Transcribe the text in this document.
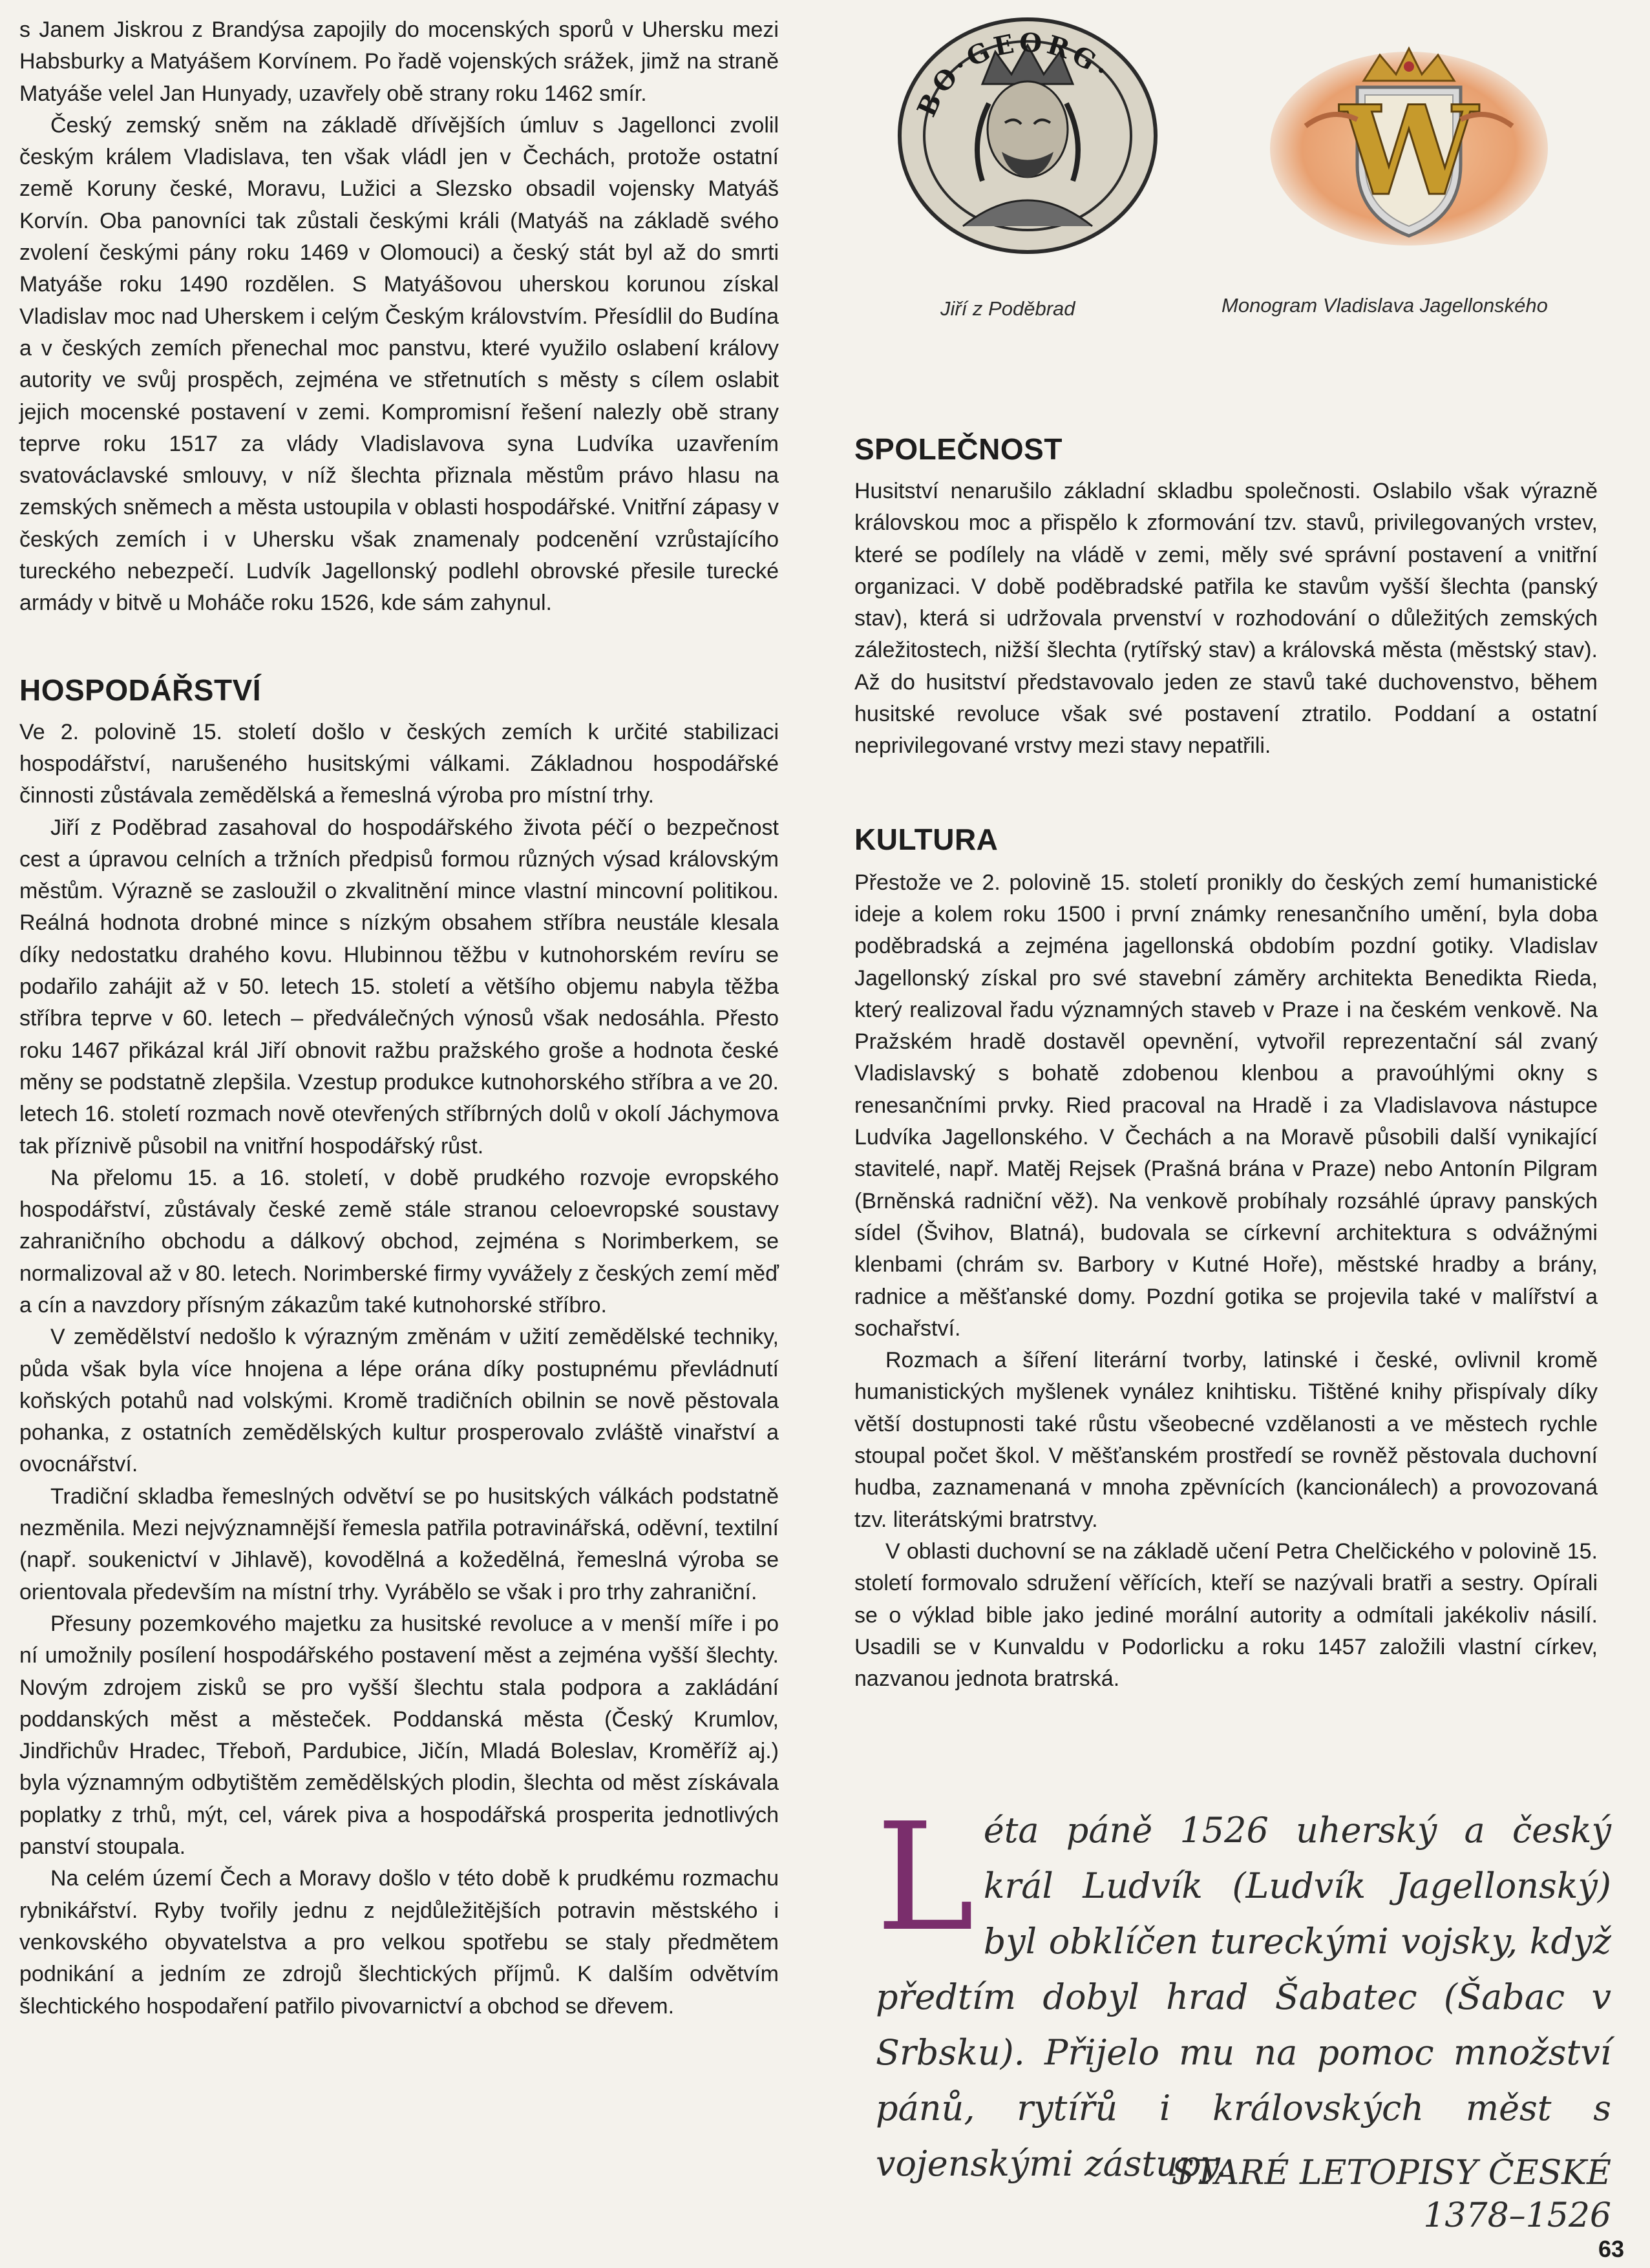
s Janem Jiskrou z Brandýsa zapojily do mocenských sporů v Uhersku mezi Habsburky a Matyášem Korvínem. Po řadě vojenských srážek, jimž na straně Matyáše velel Jan Hunyady, uzavřely obě strany roku 1462 smír.

Český zemský sněm na základě dřívějších úmluv s Jagellonci zvolil českým králem Vladislava, ten však vládl jen v Čechách, protože ostatní země Koruny české, Moravu, Lužici a Slezsko obsadil vojensky Matyáš Korvín. Oba panovníci tak zůstali českými králi (Matyáš na základě svého zvolení českými pány roku 1469 v Olomouci) a český stát byl až do smrti Matyáše roku 1490 rozdělen. S Matyášovou uherskou korunou získal Vladislav moc nad Uherskem i celým Českým královstvím. Přesídlil do Budína a v českých zemích přenechal moc panstvu, které využilo oslabení královy autority ve svůj prospěch, zejména ve střetnutích s městy s cílem oslabit jejich mocenské postavení v zemi. Kompromisní řešení nalezly obě strany teprve roku 1517 za vlády Vladislavova syna Ludvíka uzavřením svatováclavské smlouvy, v níž šlechta přiznala městům právo hlasu na zemských sněmech a města ustoupila v oblasti hospodářské. Vnitřní zápasy v českých zemích i v Uhersku však znamenaly podcenění vzrůstajícího tureckého nebezpečí. Ludvík Jagellonský podlehl obrovské přesile turecké armády v bitvě u Moháče roku 1526, kde sám zahynul.

HOSPODÁŘSTVÍ

Ve 2. polovině 15. století došlo v českých zemích k určité stabilizaci hospodářství, narušeného husitskými válkami. Základnou hospodářské činnosti zůstávala zemědělská a řemeslná výroba pro místní trhy.

Jiří z Poděbrad zasahoval do hospodářského života péčí o bezpečnost cest a úpravou celních a tržních předpisů formou různých výsad královským městům. Výrazně se zasloužil o zkvalitnění mince vlastní mincovní politikou. Reálná hodnota drobné mince s nízkým obsahem stříbra neustále klesala díky nedostatku drahého kovu. Hlubinnou těžbu v kutnohorském revíru se podařilo zahájit až v 50. letech 15. století a většího objemu nabyla těžba stříbra teprve v 60. letech – předválečných výnosů však nedosáhla. Přesto roku 1467 přikázal král Jiří obnovit ražbu pražského groše a hodnota české měny se podstatně zlepšila. Vzestup produkce kutnohorského stříbra a ve 20. letech 16. století rozmach nově otevřených stříbrných dolů v okolí Jáchymova tak příznivě působil na vnitřní hospodářský růst.

Na přelomu 15. a 16. století, v době prudkého rozvoje evropského hospodářství, zůstávaly české země stále stranou celoevropské soustavy zahraničního obchodu a dálkový obchod, zejména s Norimberkem, se normalizoval až v 80. letech. Norimberské firmy vyvážely z českých zemí měď a cín a navzdory přísným zákazům také kutnohorské stříbro.

V zemědělství nedošlo k výrazným změnám v užití zemědělské techniky, půda však byla více hnojena a lépe orána díky postupnému převládnutí koňských potahů nad volskými. Kromě tradičních obilnin se nově pěstovala pohanka, z ostatních zemědělských kultur prosperovalo zvláště vinařství a ovocnářství.

Tradiční skladba řemeslných odvětví se po husitských válkách podstatně nezměnila. Mezi nejvýznamnější řemesla patřila potravinářská, oděvní, textilní (např. soukenictví v Jihlavě), kovodělná a kožedělná, řemeslná výroba se orientovala především na místní trhy. Vyrábělo se však i pro trhy zahraniční.

Přesuny pozemkového majetku za husitské revoluce a v menší míře i po ní umožnily posílení hospodářského postavení měst a zejména vyšší šlechty. Novým zdrojem zisků se pro vyšší šlechtu stala podpora a zakládání poddanských měst a městeček. Poddanská města (Český Krumlov, Jindřichův Hradec, Třeboň, Pardubice, Jičín, Mladá Boleslav, Kroměříž aj.) byla významným odbytištěm zemědělských plodin, šlechta od měst získávala poplatky z trhů, mýt, cel, várek piva a hospodářská prosperita jednotlivých panství stoupala.

Na celém území Čech a Moravy došlo v této době k prudkému rozmachu rybnikářství. Ryby tvořily jednu z nejdůležitějších potravin městského i venkovského obyvatelstva a pro velkou spotřebu se staly předmětem podnikání a jedním ze zdrojů šlechtických příjmů. K dalším odvětvím šlechtického hospodaření patřilo pivovarnictví a obchod se dřevem.

BO·GEORG·
Jiří z Poděbrad
W
Monogram Vladislava Jagellonského
SPOLEČNOST

Husitství nenarušilo základní skladbu společnosti. Oslabilo však výrazně královskou moc a přispělo k zformování tzv. stavů, privilegovaných vrstev, které se podílely na vládě v zemi, měly své správní postavení a vnitřní organizaci. V době poděbradské patřila ke stavům vyšší šlechta (panský stav), která si udržovala prvenství v rozhodování o důležitých zemských záležitostech, nižší šlechta (rytířský stav) a královská města (městský stav). Až do husitství představovalo jeden ze stavů také duchovenstvo, během husitské revoluce však své postavení ztratilo. Poddaní a ostatní neprivilegované vrstvy mezi stavy nepatřili.

KULTURA

Přestože ve 2. polovině 15. století pronikly do českých zemí humanistické ideje a kolem roku 1500 i první známky renesančního umění, byla doba poděbradská a zejména jagellonská obdobím pozdní gotiky. Vladislav Jagellonský získal pro své stavební záměry architekta Benedikta Rieda, který realizoval řadu významných staveb v Praze i na českém venkově. Na Pražském hradě dostavěl opevnění, vytvořil reprezentační sál zvaný Vladislavský s bohatě zdobenou klenbou a pravoúhlými okny s renesančními prvky. Ried pracoval na Hradě i za Vladislavova nástupce Ludvíka Jagellonského. V Čechách a na Moravě působili další vynikající stavitelé, např. Matěj Rejsek (Prašná brána v Praze) nebo Antonín Pilgram (Brněnská radniční věž). Na venkově probíhaly rozsáhlé úpravy panských sídel (Švihov, Blatná), budovala se církevní architektura s odvážnými klenbami (chrám sv. Barbory v Kutné Hoře), městské hradby a brány, radnice a měšťanské domy. Pozdní gotika se projevila také v malířství a sochařství.

Rozmach a šíření literární tvorby, latinské i české, ovlivnil kromě humanistických myšlenek vynález knihtisku. Tištěné knihy přispívaly díky větší dostupnosti také růstu všeobecné vzdělanosti a ve městech rychle stoupal počet škol. V měšťanském prostředí se rovněž pěstovala duchovní hudba, zaznamenaná v mnoha zpěvnících (kancionálech) a provozovaná tzv. literátskými bratrstvy.

V oblasti duchovní se na základě učení Petra Chelčického v polovině 15. století formovalo sdružení věřících, kteří se nazývali bratři a sestry. Opírali se o výklad bible jako jediné morální autority a odmítali jakékoliv násilí. Usadili se v Kunvaldu v Podorlicku a roku 1457 založili vlastní církev, nazvanou jednota bratrská.

L éta páně 1526 uherský a český král Ludvík (Ludvík Jagellonský) byl obklíčen tureckými vojsky, když předtím dobyl hrad Šabatec (Šabac v Srbsku). Přijelo mu na pomoc množství pánů, rytířů i královských měst s vojenskými zástupy.
STARÉ LETOPISY ČESKÉ
1378–1526
63
